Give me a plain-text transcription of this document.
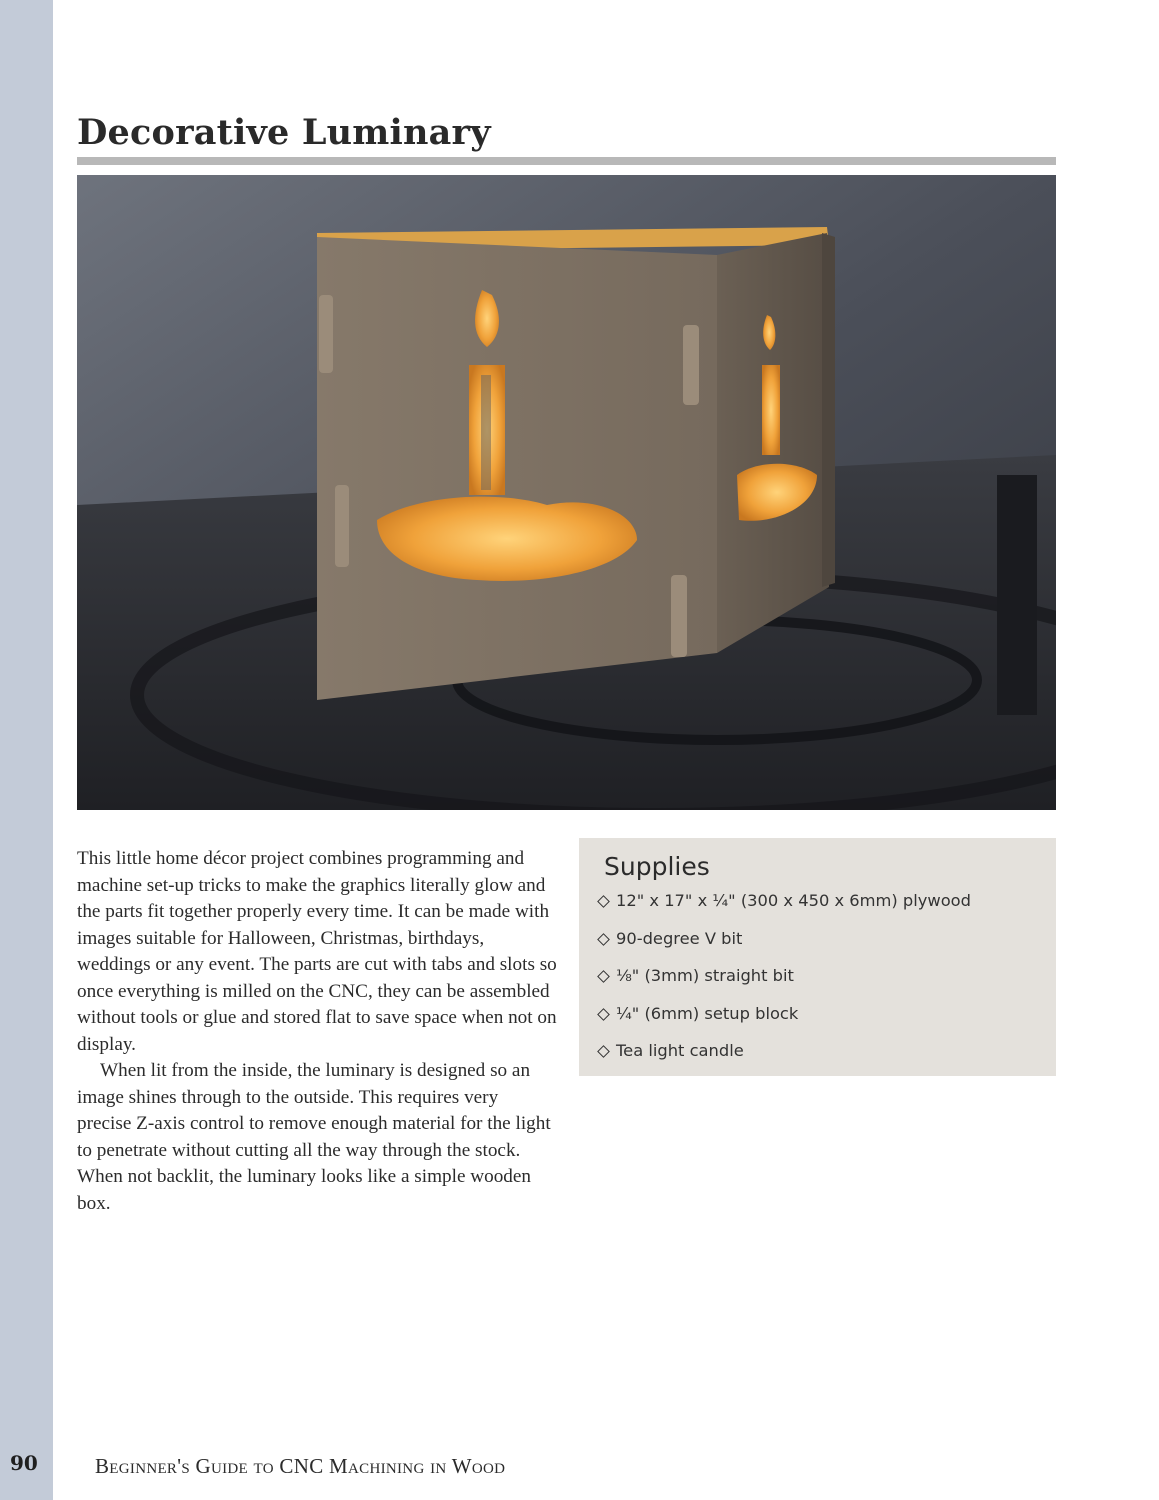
Decorative Luminary

This little home décor project combines programming and machine set-up tricks to make the graphics literally glow and the parts fit together properly every time. It can be made with images suitable for Halloween, Christmas, birthdays, weddings or any event. The parts are cut with tabs and slots so once everything is milled on the CNC, they can be assembled without tools or glue and stored flat to save space when not on display.

When lit from the inside, the luminary is designed so an image shines through to the outside. This requires very precise Z-axis control to remove enough material for the light to penetrate without cutting all the way through the stock. When not backlit, the luminary looks like a simple wooden box.

Supplies
12" x 17" x ¼" (300 x 450 x 6mm) plywood
90-degree V bit
⅛" (3mm) straight bit
¼" (6mm) setup block
Tea light candle
90	Beginner's Guide to CNC Machining in Wood
